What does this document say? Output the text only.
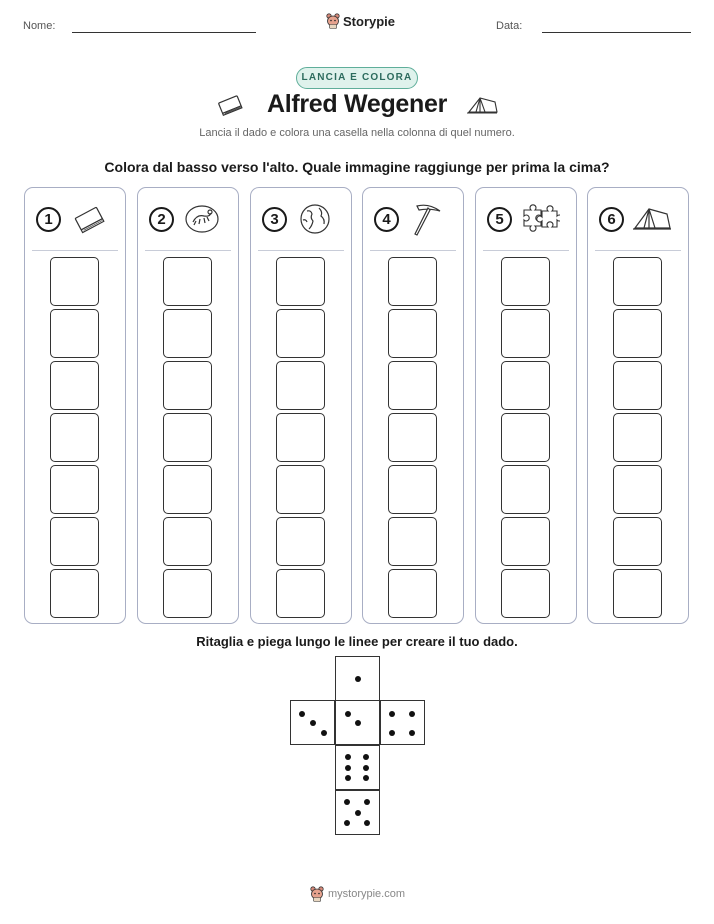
Nome:	Storypie	Data:
LANCIA E COLORA
Alfred Wegener
Lancia il dado e colora una casella nella colonna di quel numero.
Colora dal basso verso l'alto. Quale immagine raggiunge per prima la cima?
1	2	3	4	5	6
Ritaglia e piega lungo le linee per creare il tuo dado.
mystorypie.com
